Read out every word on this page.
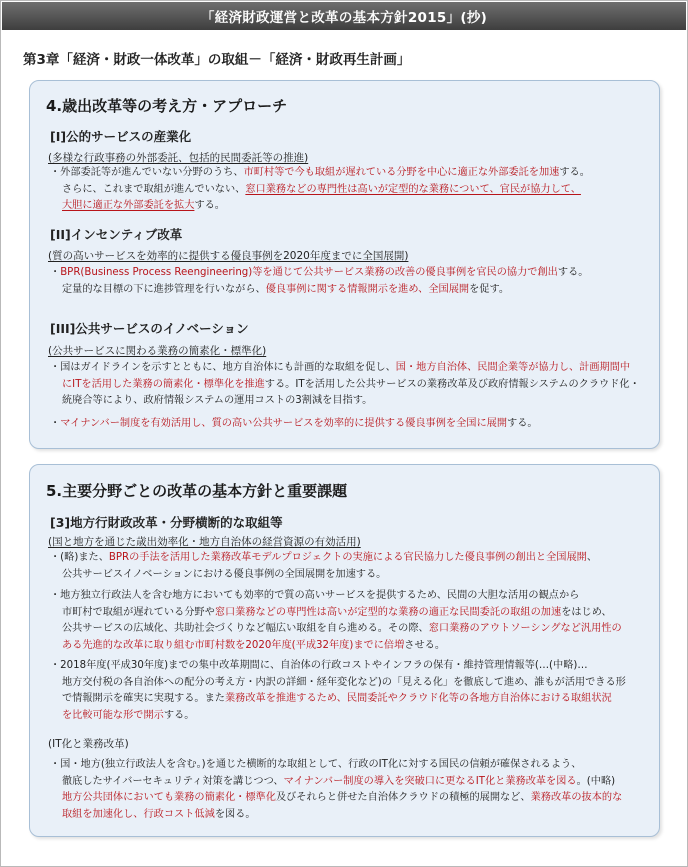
「経済財政運営と改革の基本方針2015」(抄)
第3章「経済・財政一体改革」の取組－「経済・財政再生計画」
4.歳出改革等の考え方・アプローチ
[I]公的サービスの産業化
(多様な行政事務の外部委託、包括的民間委託等の推進)
・外部委託等が進んでいない分野のうち、市町村等で今も取組が遅れている分野を中心に適正な外部委託を加速する。
さらに、これまで取組が進んでいない、窓口業務などの専門性は高いが定型的な業務について、官民が協力して、
大胆に適正な外部委託を拡大する。
[II]インセンティブ改革
(質の高いサービスを効率的に提供する優良事例を2020年度までに全国展開)
・BPR(Business Process Reengineering)等を通じて公共サービス業務の改善の優良事例を官民の協力で創出する。
定量的な目標の下に進捗管理を行いながら、優良事例に関する情報開示を進め、全国展開を促す。
[III]公共サービスのイノベーション
(公共サービスに関わる業務の簡素化・標準化)
・国はガイドラインを示すとともに、地方自治体にも計画的な取組を促し、国・地方自治体、民間企業等が協力し、計画期間中
にITを活用した業務の簡素化・標準化を推進する。ITを活用した公共サービスの業務改革及び政府情報システムのクラウド化・
統廃合等により、政府情報システムの運用コストの3割減を目指す。
・マイナンバー制度を有効活用し、質の高い公共サービスを効率的に提供する優良事例を全国に展開する。
5.主要分野ごとの改革の基本方針と重要課題
[3]地方行財政改革・分野横断的な取組等
(国と地方を通じた歳出効率化・地方自治体の経営資源の有効活用)
・(略)また、BPRの手法を活用した業務改革モデルプロジェクトの実施による官民協力した優良事例の創出と全国展開、
公共サービスイノベーションにおける優良事例の全国展開を加速する。
・地方独立行政法人を含む地方においても効率的で質の高いサービスを提供するため、民間の大胆な活用の観点から
市町村で取組が遅れている分野や窓口業務などの専門性は高いが定型的な業務の適正な民間委託の取組の加速をはじめ、
公共サービスの広域化、共助社会づくりなど幅広い取組を自ら進める。その際、窓口業務のアウトソーシングなど汎用性の
ある先進的な改革に取り組む市町村数を2020年度(平成32年度)までに倍増させる。
・2018年度(平成30年度)までの集中改革期間に、自治体の行政コストやインフラの保有・維持管理情報等(…(中略)…
地方交付税の各自治体への配分の考え方・内訳の詳細・経年変化など)の「見える化」を徹底して進め、誰もが活用できる形
で情報開示を確実に実現する。また業務改革を推進するため、民間委託やクラウド化等の各地方自治体における取組状況
を比較可能な形で開示する。
(IT化と業務改革)
・国・地方(独立行政法人を含む。)を通じた横断的な取組として、行政のIT化に対する国民の信頼が確保されるよう、
徹底したサイバーセキュリティ対策を講じつつ、マイナンバー制度の導入を突破口に更なるIT化と業務改革を図る。(中略)
地方公共団体においても業務の簡素化・標準化及びそれらと併せた自治体クラウドの積極的展開など、業務改革の抜本的な
取組を加速化し、行政コスト低減を図る。
